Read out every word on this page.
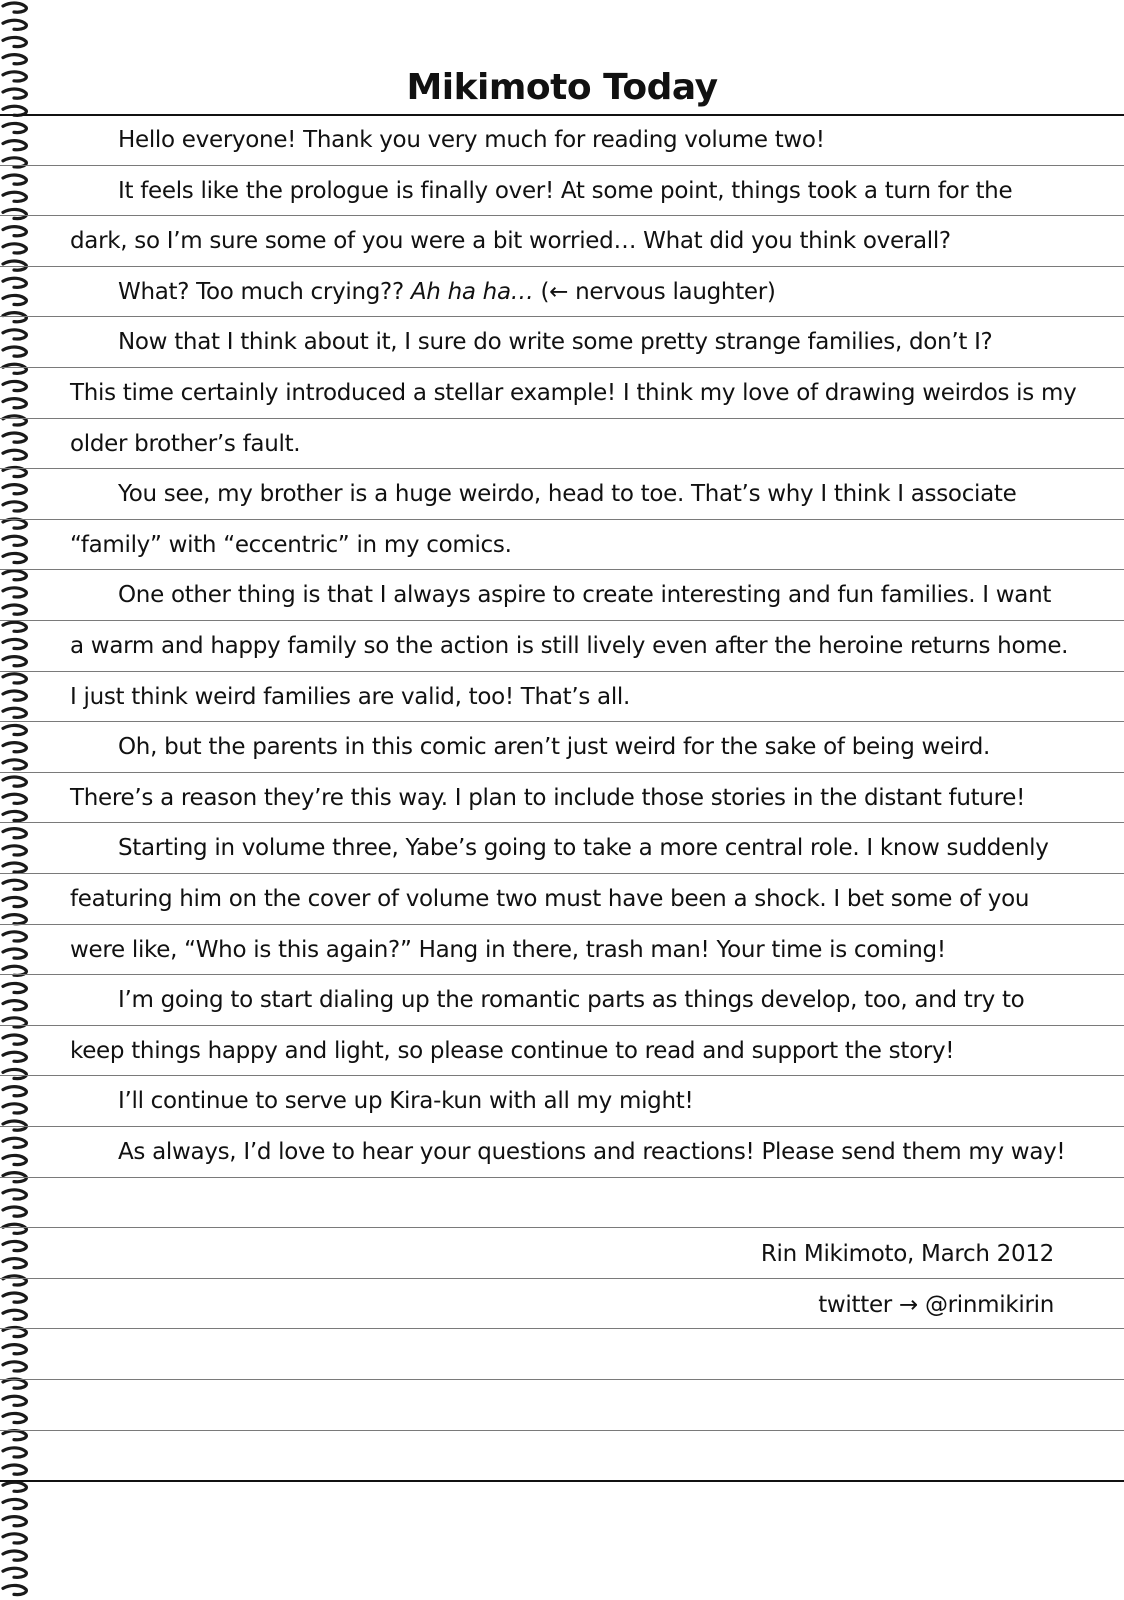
Mikimoto Today
Hello everyone! Thank you very much for reading volume two!
It feels like the prologue is finally over! At some point, things took a turn for the
dark, so I’m sure some of you were a bit worried… What did you think overall?
What? Too much crying?? Ah ha ha… (← nervous laughter)
Now that I think about it, I sure do write some pretty strange families, don’t I?
This time certainly introduced a stellar example! I think my love of drawing weirdos is my
older brother’s fault.
You see, my brother is a huge weirdo, head to toe. That’s why I think I associate
“family” with “eccentric” in my comics.
One other thing is that I always aspire to create interesting and fun families. I want
a warm and happy family so the action is still lively even after the heroine returns home.
I just think weird families are valid, too! That’s all.
Oh, but the parents in this comic aren’t just weird for the sake of being weird.
There’s a reason they’re this way. I plan to include those stories in the distant future!
Starting in volume three, Yabe’s going to take a more central role. I know suddenly
featuring him on the cover of volume two must have been a shock. I bet some of you
were like, “Who is this again?” Hang in there, trash man! Your time is coming!
I’m going to start dialing up the romantic parts as things develop, too, and try to
keep things happy and light, so please continue to read and support the story!
I’ll continue to serve up Kira-kun with all my might!
As always, I’d love to hear your questions and reactions! Please send them my way!
Rin Mikimoto, March 2012
twitter → @rinmikirin
